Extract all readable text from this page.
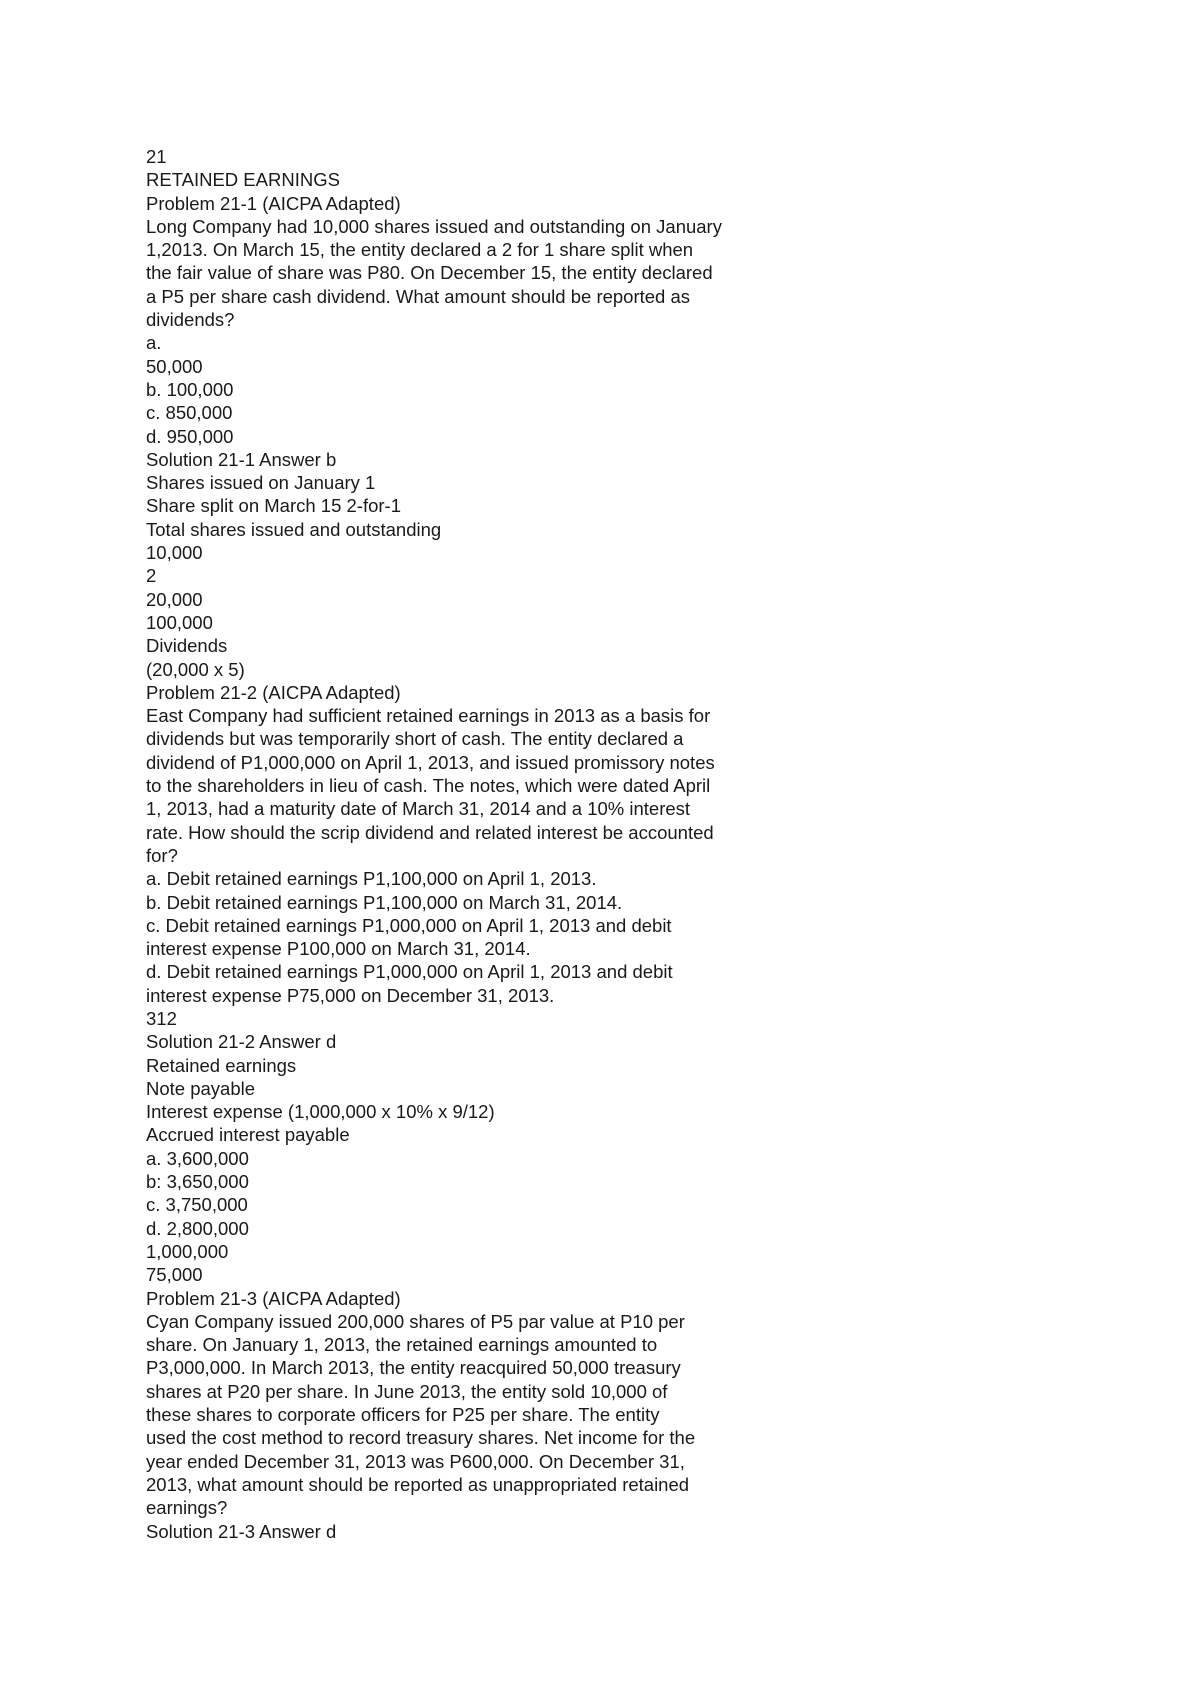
21
RETAINED EARNINGS
Problem 21-1 (AICPA Adapted)
Long Company had 10,000 shares issued and outstanding on January
1,2013. On March 15, the entity declared a 2 for 1 share split when
the fair value of share was P80. On December 15, the entity declared
a P5 per share cash dividend. What amount should be reported as
dividends?
a.
50,000
b. 100,000
c. 850,000
d. 950,000
Solution 21-1 Answer b
Shares issued on January 1
Share split on March 15 2-for-1
Total shares issued and outstanding
10,000
2
20,000
100,000
Dividends
(20,000 x 5)
Problem 21-2 (AICPA Adapted)
East Company had sufficient retained earnings in 2013 as a basis for
dividends but was temporarily short of cash. The entity declared a
dividend of P1,000,000 on April 1, 2013, and issued promissory notes
to the shareholders in lieu of cash. The notes, which were dated April
1, 2013, had a maturity date of March 31, 2014 and a 10% interest
rate. How should the scrip dividend and related interest be accounted
for?
a. Debit retained earnings P1,100,000 on April 1, 2013.
b. Debit retained earnings P1,100,000 on March 31, 2014.
c. Debit retained earnings P1,000,000 on April 1, 2013 and debit
interest expense P100,000 on March 31, 2014.
d. Debit retained earnings P1,000,000 on April 1, 2013 and debit
interest expense P75,000 on December 31, 2013.
312
Solution 21-2 Answer d
Retained earnings
Note payable
Interest expense (1,000,000 x 10% x 9/12)
Accrued interest payable
a. 3,600,000
b: 3,650,000
c. 3,750,000
d. 2,800,000
1,000,000
75,000
Problem 21-3 (AICPA Adapted)
Cyan Company issued 200,000 shares of P5 par value at P10 per
share. On January 1, 2013, the retained earnings amounted to
P3,000,000. In March 2013, the entity reacquired 50,000 treasury
shares at P20 per share. In June 2013, the entity sold 10,000 of
these shares to corporate officers for P25 per share. The entity
used the cost method to record treasury shares. Net income for the
year ended December 31, 2013 was P600,000. On December 31,
2013, what amount should be reported as unappropriated retained
earnings?
Solution 21-3 Answer d
